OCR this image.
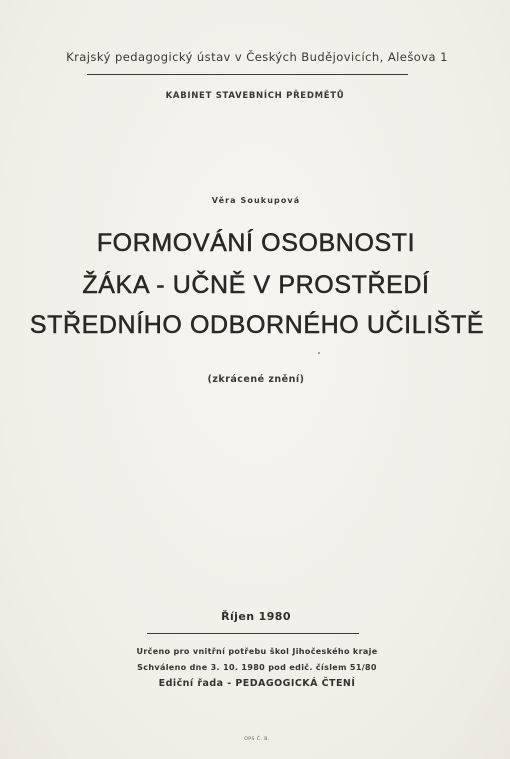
Krajský pedagogický ústav v Českých Budějovicích, Alešova 1
KABINET STAVEBNÍCH PŘEDMĚTŮ
Věra Soukupová
FORMOVÁNÍ OSOBNOSTI
ŽÁKA - UČNĚ V PROSTŘEDÍ
STŘEDNÍHO ODBORNÉHO UČILIŠTĚ
(zkrácené znění)
Říjen 1980
Určeno pro vnitřní potřebu škol Jihočeského kraje
Schváleno dne 3. 10. 1980 pod edič. číslem 51/80
Ediční řada - PEDAGOGICKÁ ČTENÍ
OPS Č. B.
